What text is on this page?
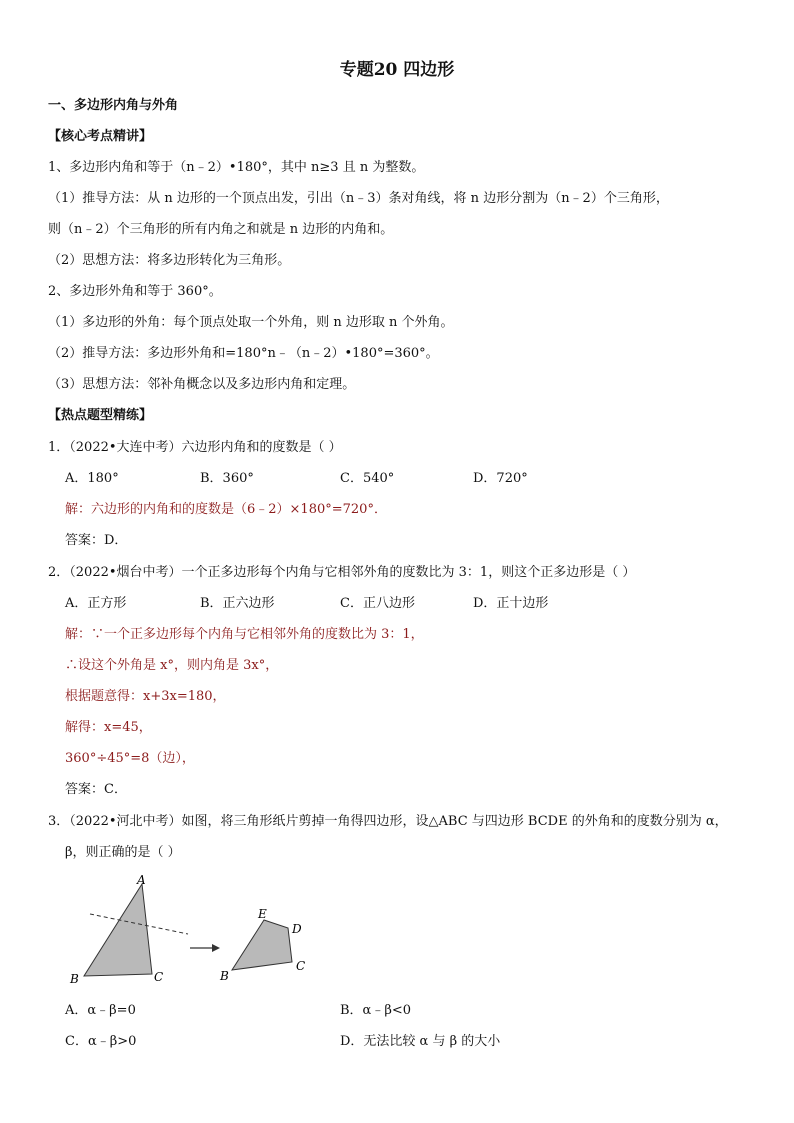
专题20 四边形
一、多边形内角与外角
【核心考点精讲】
1、多边形内角和等于（n﹣2）•180°，其中 n≥3 且 n 为整数。
（1）推导方法：从 n 边形的一个顶点出发，引出（n﹣3）条对角线，将 n 边形分割为（n﹣2）个三角形，
则（n﹣2）个三角形的所有内角之和就是 n 边形的内角和。
（2）思想方法：将多边形转化为三角形。
2、多边形外角和等于 360°。
（1）多边形的外角：每个顶点处取一个外角，则 n 边形取 n 个外角。
（2）推导方法：多边形外角和=180°n﹣（n﹣2）•180°=360°。
（3）思想方法：邻补角概念以及多边形内角和定理。
【热点题型精练】
1．（2022•大连中考）六边形内角和的度数是（ ）
A．180°	B．360°	C．540°	D．720°
解：六边形的内角和的度数是（6﹣2）×180°=720°．
答案：D．
2．（2022•烟台中考）一个正多边形每个内角与它相邻外角的度数比为 3：1，则这个正多边形是（ ）
A．正方形	B．正六边形	C．正八边形	D．正十边形
解：∵一个正多边形每个内角与它相邻外角的度数比为 3：1，
∴设这个外角是 x°，则内角是 3x°，
根据题意得：x+3x=180，
解得：x=45，
360°÷45°=8（边），
答案：C．
3．（2022•河北中考）如图，将三角形纸片剪掉一角得四边形，设△ABC 与四边形 BCDE 的外角和的度数分别为 α，
β，则正确的是（ ）
A
B	C
E
D
B
C
A．α﹣β=0	B．α﹣β<0
C．α﹣β>0	D．无法比较 α 与 β 的大小
